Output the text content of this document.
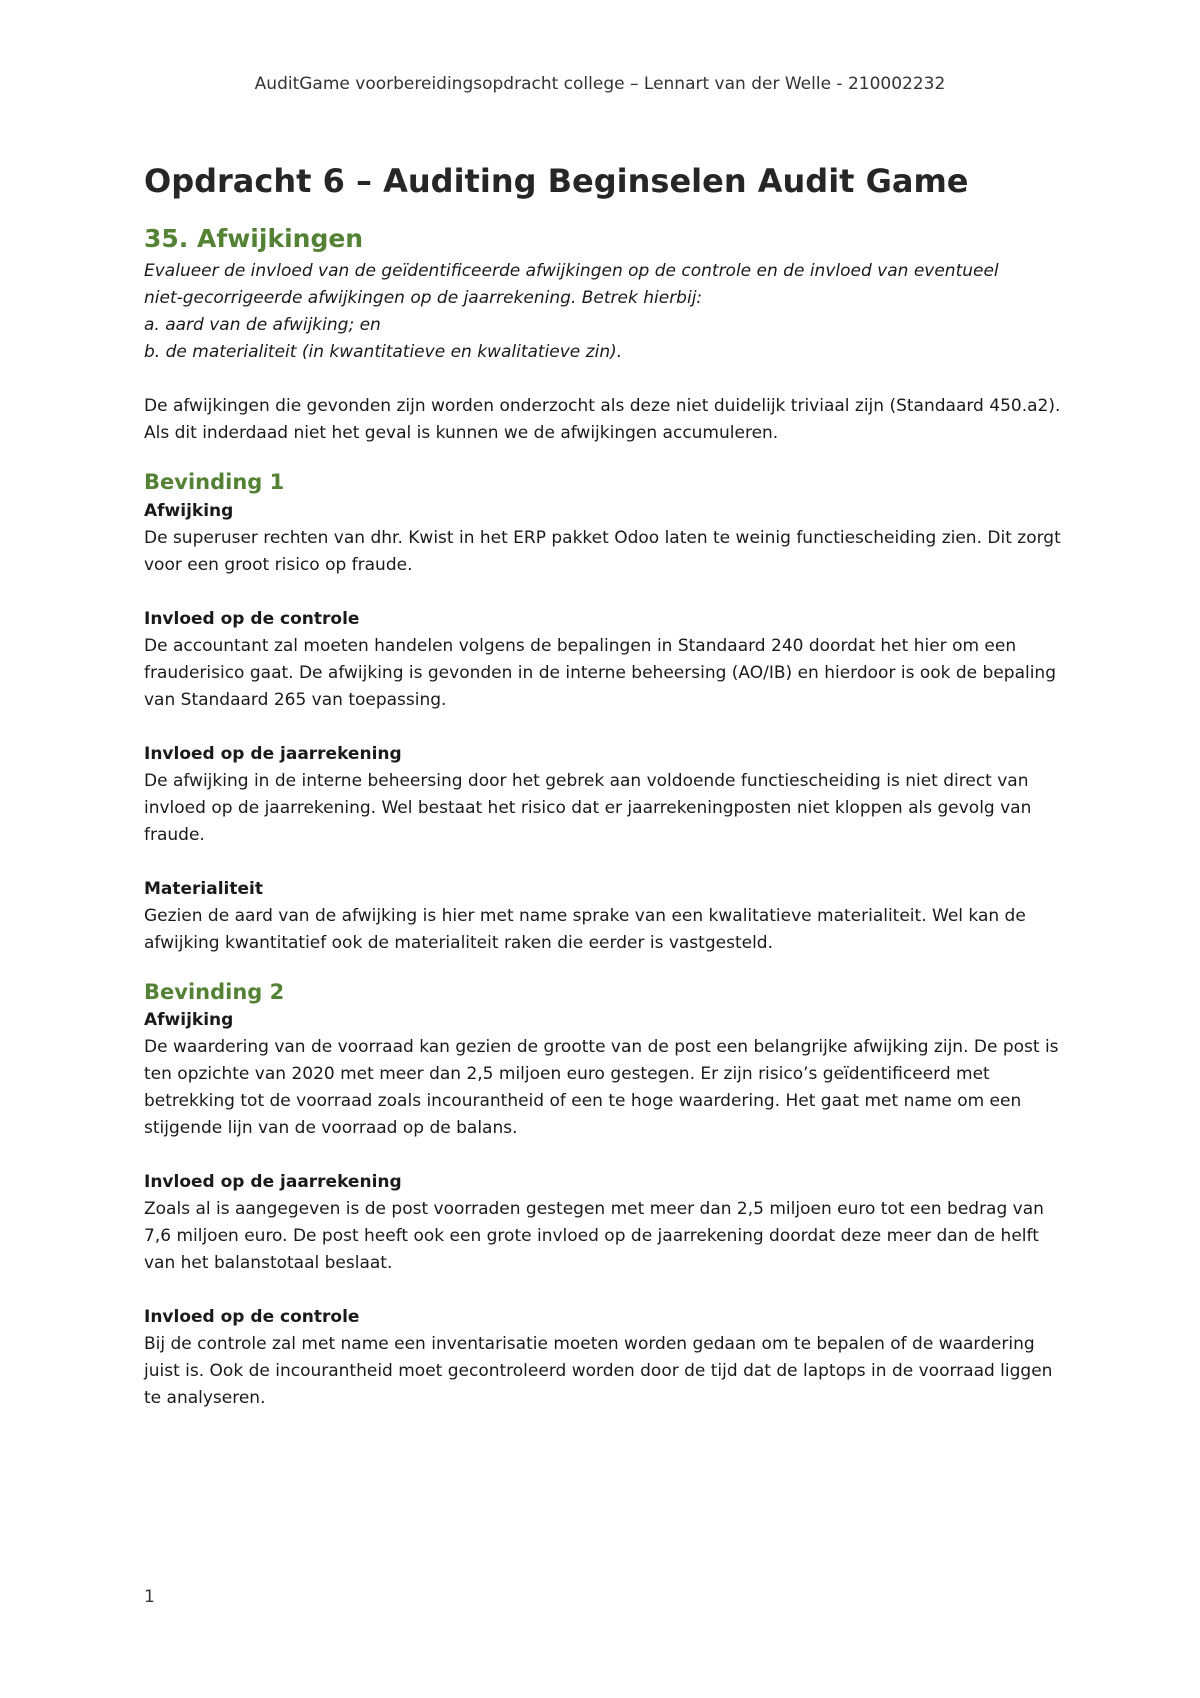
AuditGame voorbereidingsopdracht college – Lennart van der Welle - 210002232
Opdracht 6 – Auditing Beginselen Audit Game
35. Afwijkingen
Evalueer de invloed van de geïdentificeerde afwijkingen op de controle en de invloed van eventueel
niet-gecorrigeerde afwijkingen op de jaarrekening. Betrek hierbij:
a. aard van de afwijking; en
b. de materialiteit (in kwantitatieve en kwalitatieve zin).

De afwijkingen die gevonden zijn worden onderzocht als deze niet duidelijk triviaal zijn (Standaard 450.a2). Als dit inderdaad niet het geval is kunnen we de afwijkingen accumuleren.

Bevinding 1
Afwijking

De superuser rechten van dhr. Kwist in het ERP pakket Odoo laten te weinig functiescheiding zien. Dit zorgt voor een groot risico op fraude.

Invloed op de controle

De accountant zal moeten handelen volgens de bepalingen in Standaard 240 doordat het hier om een frauderisico gaat. De afwijking is gevonden in de interne beheersing (AO/IB) en hierdoor is ook de bepaling van Standaard 265 van toepassing.

Invloed op de jaarrekening

De afwijking in de interne beheersing door het gebrek aan voldoende functiescheiding is niet direct van invloed op de jaarrekening. Wel bestaat het risico dat er jaarrekeningposten niet kloppen als gevolg van fraude.

Materialiteit

Gezien de aard van de afwijking is hier met name sprake van een kwalitatieve materialiteit. Wel kan de afwijking kwantitatief ook de materialiteit raken die eerder is vastgesteld.

Bevinding 2
Afwijking

De waardering van de voorraad kan gezien de grootte van de post een belangrijke afwijking zijn. De post is ten opzichte van 2020 met meer dan 2,5 miljoen euro gestegen. Er zijn risico’s geïdentificeerd met betrekking tot de voorraad zoals incourantheid of een te hoge waardering. Het gaat met name om een stijgende lijn van de voorraad op de balans.

Invloed op de jaarrekening

Zoals al is aangegeven is de post voorraden gestegen met meer dan 2,5 miljoen euro tot een bedrag van 7,6 miljoen euro. De post heeft ook een grote invloed op de jaarrekening doordat deze meer dan de helft van het balanstotaal beslaat.

Invloed op de controle

Bij de controle zal met name een inventarisatie moeten worden gedaan om te bepalen of de waardering juist is. Ook de incourantheid moet gecontroleerd worden door de tijd dat de laptops in de voorraad liggen te analyseren.

1
